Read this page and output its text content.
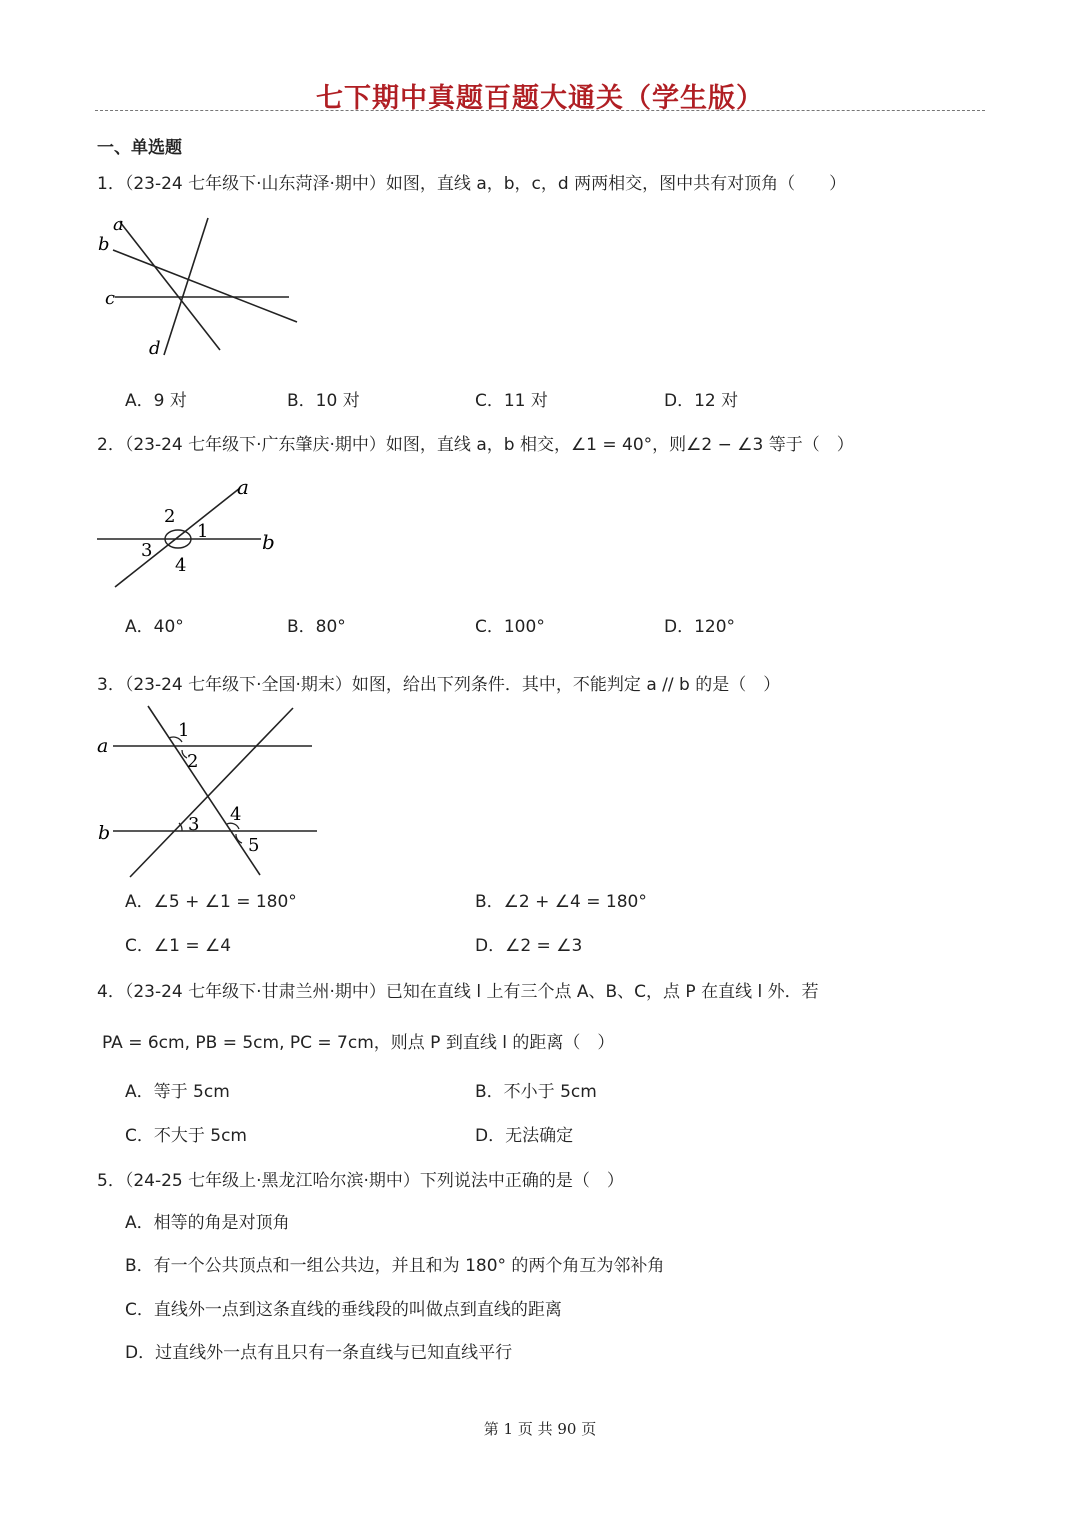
七下期中真题百题大通关（学生版）
一、单选题
1．（23-24 七年级下·山东菏泽·期中）如图，直线 a，b，c，d 两两相交，图中共有对顶角（　　）
a
b
c
d
A．9 对	B．10 对	C．11 对	D．12 对
2．（23-24 七年级下·广东肇庆·期中）如图，直线 a，b 相交，∠1 = 40°，则∠2 − ∠3 等于（　）
a
b
1
2
3
4
A．40°	B．80°	C．100°	D．120°
3．（23-24 七年级下·全国·期末）如图，给出下列条件．其中，不能判定 a // b 的是（　）
a
b
1
2
3 4
5
A．∠5 + ∠1 = 180°	B．∠2 + ∠4 = 180°
C．∠1 = ∠4	D．∠2 = ∠3
4．（23-24 七年级下·甘肃兰州·期中）已知在直线 l 上有三个点 A、B、C，点 P 在直线 l 外．若
PA = 6cm, PB = 5cm, PC = 7cm，则点 P 到直线 l 的距离（　）
A．等于 5cm	B．不小于 5cm
C．不大于 5cm	D．无法确定
5．（24-25 七年级上·黑龙江哈尔滨·期中）下列说法中正确的是（　）
A．相等的角是对顶角
B．有一个公共顶点和一组公共边，并且和为 180° 的两个角互为邻补角
C．直线外一点到这条直线的垂线段的叫做点到直线的距离
D．过直线外一点有且只有一条直线与已知直线平行
第 1 页 共 90 页
